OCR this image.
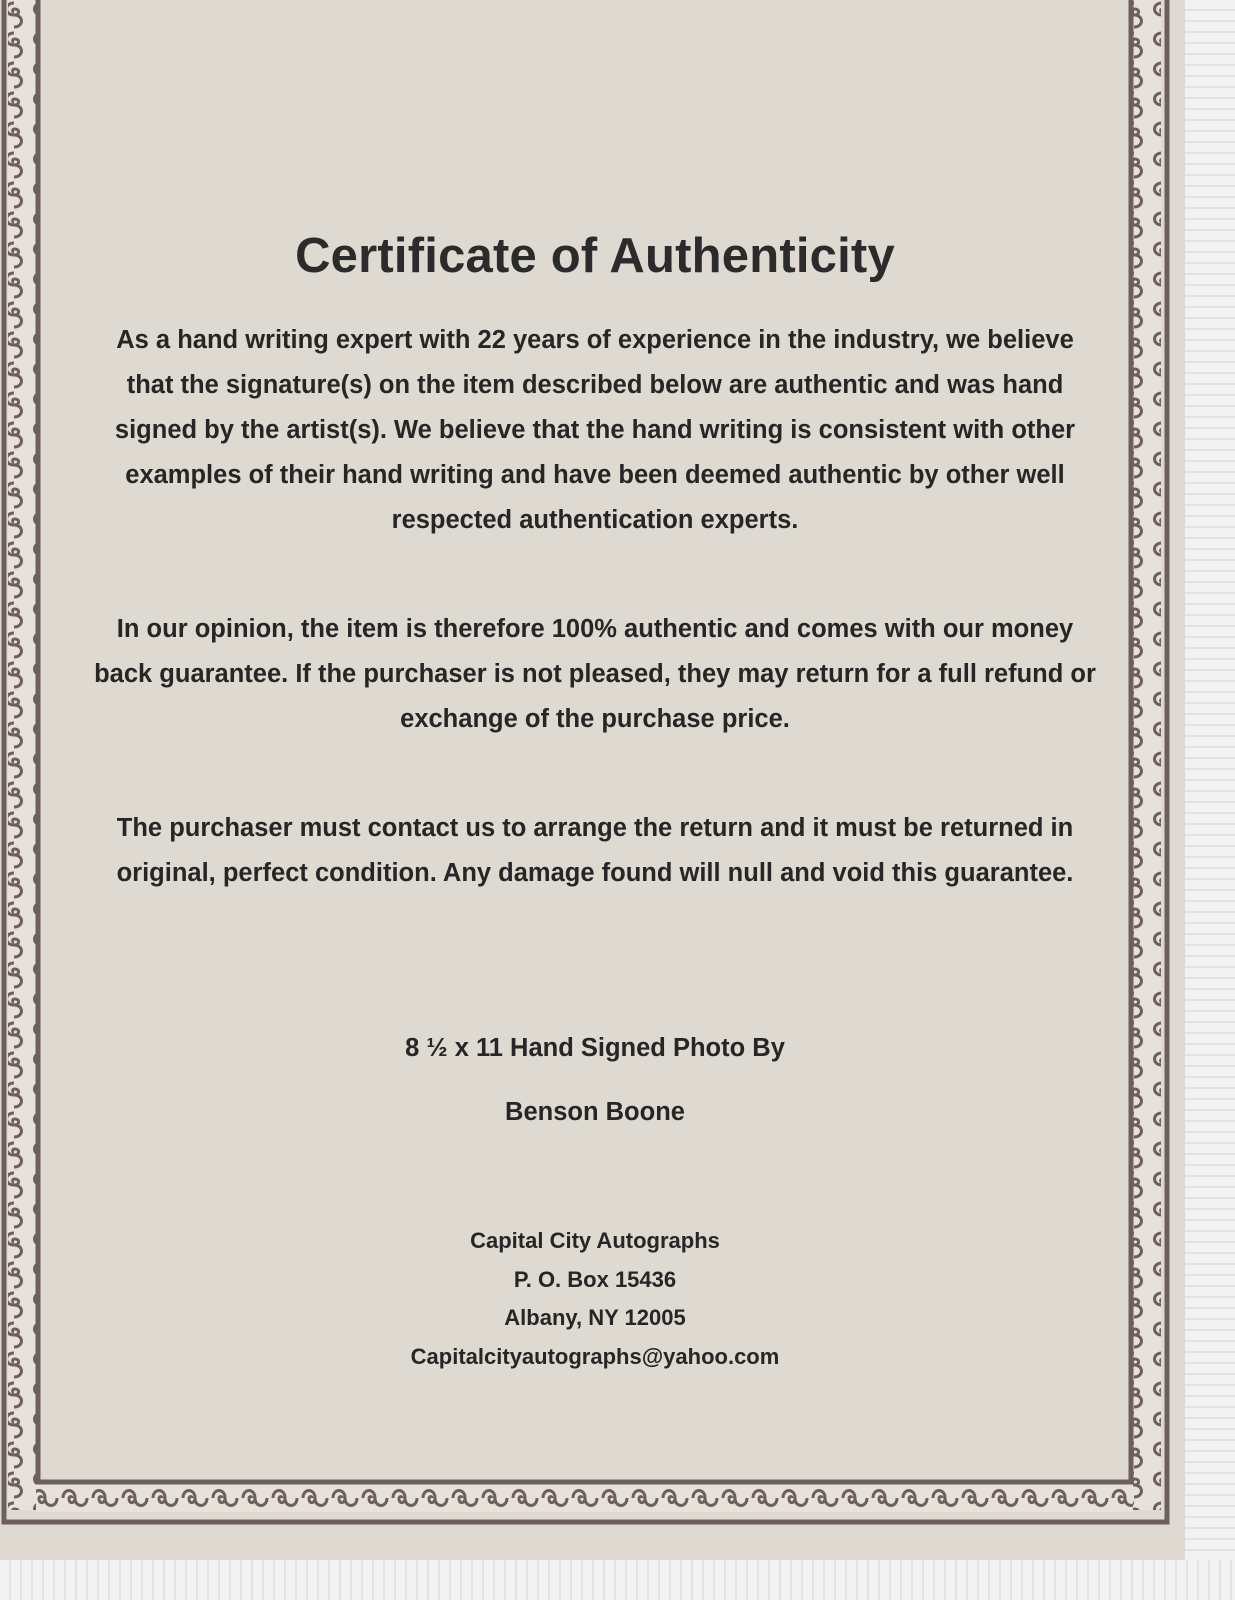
Certificate of Authenticity
As a hand writing expert with 22 years of experience in the industry, we believe that the signature(s) on the item described below are authentic and was hand signed by the artist(s). We believe that the hand writing is consistent with other examples of their hand writing and have been deemed authentic by other well respected authentication experts.
In our opinion, the item is therefore 100% authentic and comes with our money back guarantee. If the purchaser is not pleased, they may return for a full refund or exchange of the purchase price.
The purchaser must contact us to arrange the return and it must be returned in original, perfect condition. Any damage found will null and void this guarantee.
8 ½ x 11 Hand Signed Photo By
Benson Boone
Capital City Autographs
P. O. Box 15436
Albany, NY 12005
Capitalcityautographs@yahoo.com
